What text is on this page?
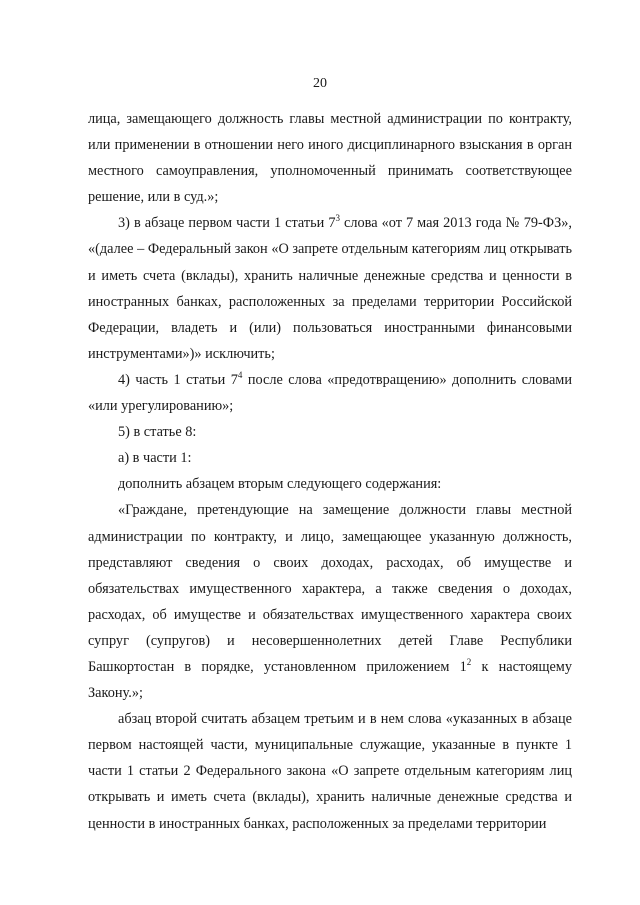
20

лица, замещающего должность главы местной администрации по контракту, или применении в отношении него иного дисциплинарного взыскания в орган местного самоуправления, уполномоченный принимать соответствующее решение, или в суд.»;

3) в абзаце первом части 1 статьи $7^3$ слова «от 7 мая 2013 года № 79-ФЗ», «(далее – Федеральный закон «О запрете отдельным категориям лиц открывать и иметь счета (вклады), хранить наличные денежные средства и ценности в иностранных банках, расположенных за пределами территории Российской Федерации, владеть и (или) пользоваться иностранными финансовыми инструментами»)» исключить;

4) часть 1 статьи $7^4$ после слова «предотвращению» дополнить словами «или урегулированию»;

5) в статье 8:

а) в части 1:

дополнить абзацем вторым следующего содержания:

«Граждане, претендующие на замещение должности главы местной администрации по контракту, и лицо, замещающее указанную должность, представляют сведения о своих доходах, расходах, об имуществе и обязательствах имущественного характера, а также сведения о доходах, расходах, об имуществе и обязательствах имущественного характера своих супруг (супругов) и несовершеннолетних детей Главе Республики Башкортостан в порядке, установленном приложением $1^2$ к настоящему Закону.»;

абзац второй считать абзацем третьим и в нем слова «указанных в абзаце первом настоящей части, муниципальные служащие, указанные в пункте 1 части 1 статьи 2 Федерального закона «О запрете отдельным категориям лиц открывать и иметь счета (вклады), хранить наличные денежные средства и ценности в иностранных банках, расположенных за пределами территории
